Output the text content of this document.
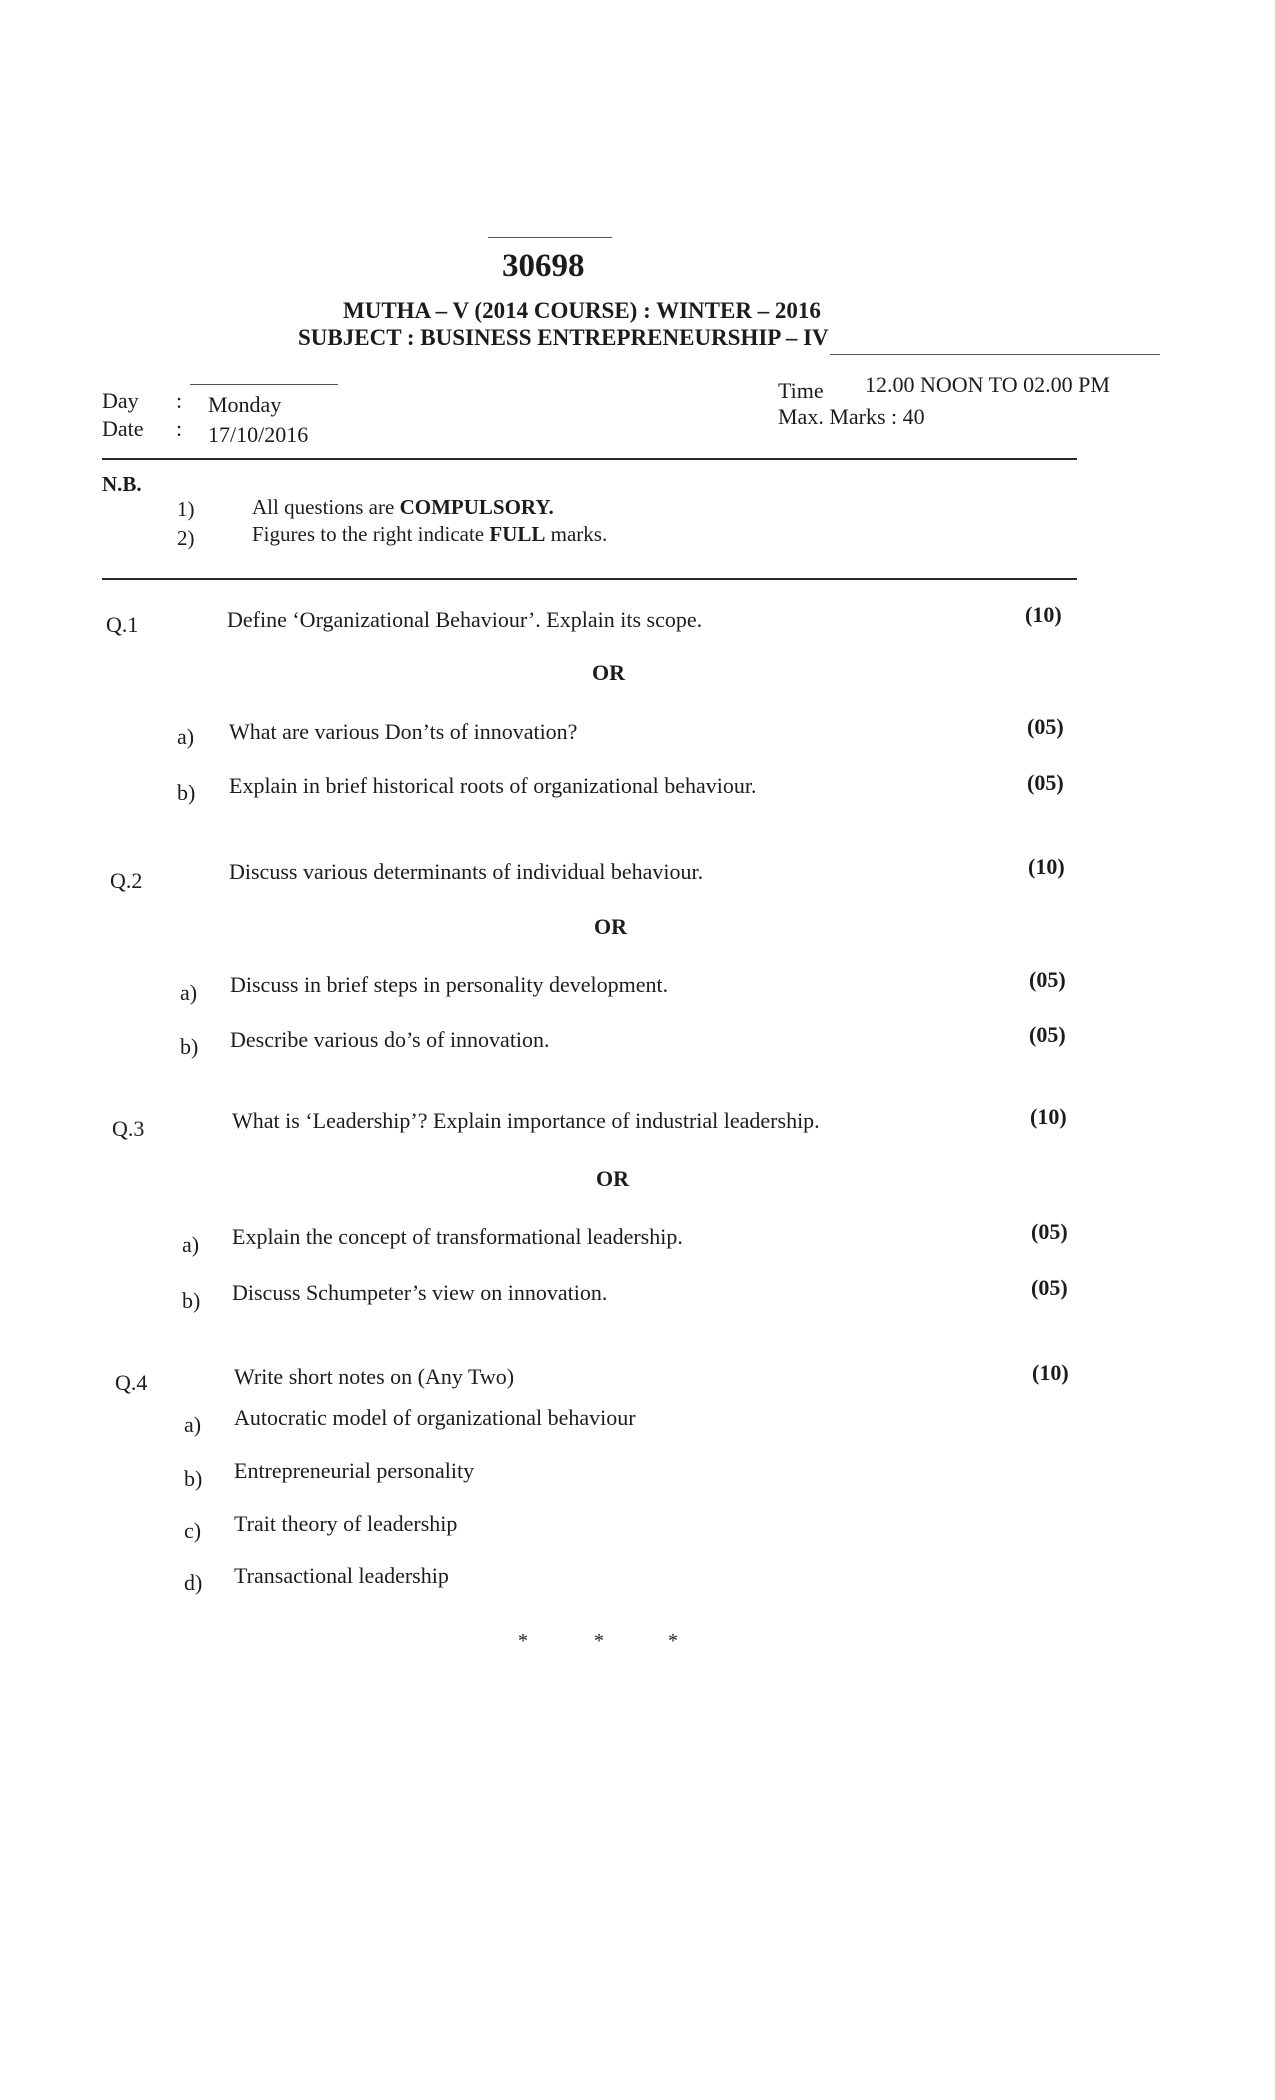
30698
MUTHA – V (2014 COURSE) : WINTER – 2016
SUBJECT : BUSINESS ENTREPRENEURSHIP – IV
Day : Monday
Date : 17/10/2016
Time 12.00 NOON TO 02.00 PM
Max. Marks : 40
N.B.
1)	All questions are COMPULSORY.
2)	Figures to the right indicate FULL marks.
Q.1	Define ‘Organizational Behaviour’. Explain its scope.	(10)
OR
a) What are various Don’ts of innovation?	(05)
b) Explain in brief historical roots of organizational behaviour.	(05)
Q.2	Discuss various determinants of individual behaviour.	(10)
OR
a) Discuss in brief steps in personality development.	(05)
b) Describe various do’s of innovation.	(05)
Q.3	What is ‘Leadership’? Explain importance of industrial leadership.	(10)
OR
a) Explain the concept of transformational leadership.	(05)
b) Discuss Schumpeter’s view on innovation.	(05)
Q.4	Write short notes on (Any Two)	(10)
a) Autocratic model of organizational behaviour
b) Entrepreneurial personality
c) Trait theory of leadership
d) Transactional leadership
*	*	*
